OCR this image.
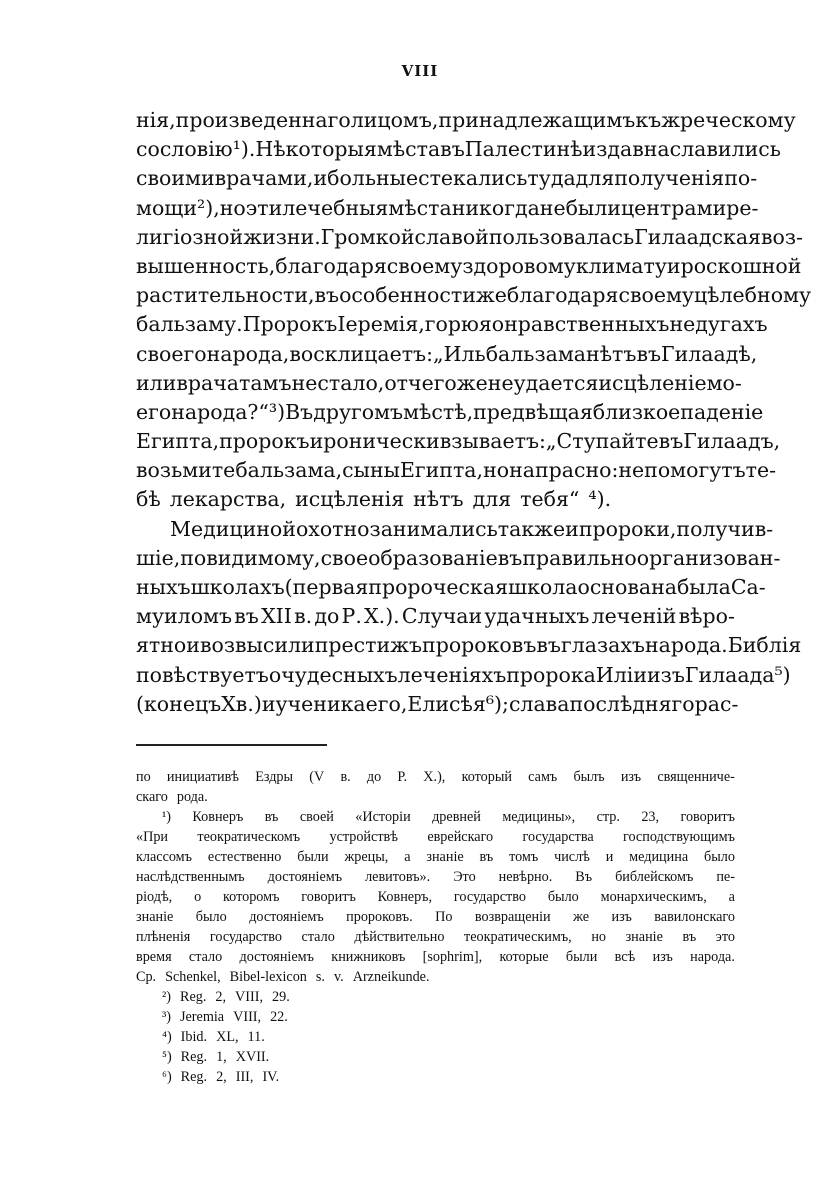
VIII
нія, произведеннаго лицомъ, принадлежащимъ къ жреческому
сословію ¹). Нѣкоторыя мѣста въ Палестинѣ издавна славились
своими врачами, и больные стекались туда для полученія по-
мощи ²), но эти лечебныя мѣста никогда не были центрами ре-
лигіозной жизни. Громкой славой пользовалась Гилаадская воз-
вышенность, благодаря своему здоровому климату и роскошной
растительности, въ особенности же благодаря своему цѣлебному
бальзаму. Пророкъ Іеремія, горюя о нравственныхъ недугахъ
своего народа, восклицаетъ: „Иль бальзама нѣтъ въ Гилаадѣ,
или врача тамъ не стало, отчего же не удается исцѣленіе мо-
его народа?“ ³) Въ другомъ мѣстѣ, предвѣщая близкое паденіе
Египта, пророкъ иронически взываетъ: „Ступайте въ Гилаадъ,
возьмите бальзама, сыны Египта, но напрасно: не помогутъ те-
бѣ лекарства, исцѣленія нѣтъ для тебя“ ⁴).
Медициной охотно занимались также и пророки, получив-
шіе, повидимому, свое образованіе въ правильно организован-
ныхъ школахъ (первая пророческая школа основана была Са-
муиломъ въ XII в. до Р. Х.). Случаи удачныхъ леченій вѣро-
ятно и возвысили престижъ пророковъ въ глазахъ народа. Библія
повѣствуетъ о чудесныхъ леченіяхъ пророка Иліи изъ Гилаада ⁵)
(конецъ Х в.) и ученика его, Елисѣя ⁶); слава послѣдняго рас-
по инициативѣ Ездры (V в. до Р. Х.), который самъ былъ изъ священниче-
скаго рода.
¹) Ковнеръ въ своей «Исторіи древней медицины», стр. 23, говоритъ
«При теократическомъ устройствѣ еврейскаго государства господствующимъ
классомъ естественно были жрецы, а знаніе въ томъ числѣ и медицина было
наслѣдственнымъ достояніемъ левитовъ». Это невѣрно. Въ библейскомъ пе-
ріодѣ, о которомъ говоритъ Ковнеръ, государство было монархическимъ, а
знаніе было достояніемъ пророковъ. По возвращеніи же изъ вавилонскаго
плѣненія государство стало дѣйствительно теократическимъ, но знаніе въ это
время стало достояніемъ книжниковъ [sophrim], которые были всѣ изъ народа.
Cp. Schenkel, Bibel-lexicon s. v. Arzneikunde.
²) Reg. 2, VIII, 29.
³) Jeremia VIII, 22.
⁴) Ibid. XL, 11.
⁵) Reg. 1, XVII.
⁶) Reg. 2, III, IV.
